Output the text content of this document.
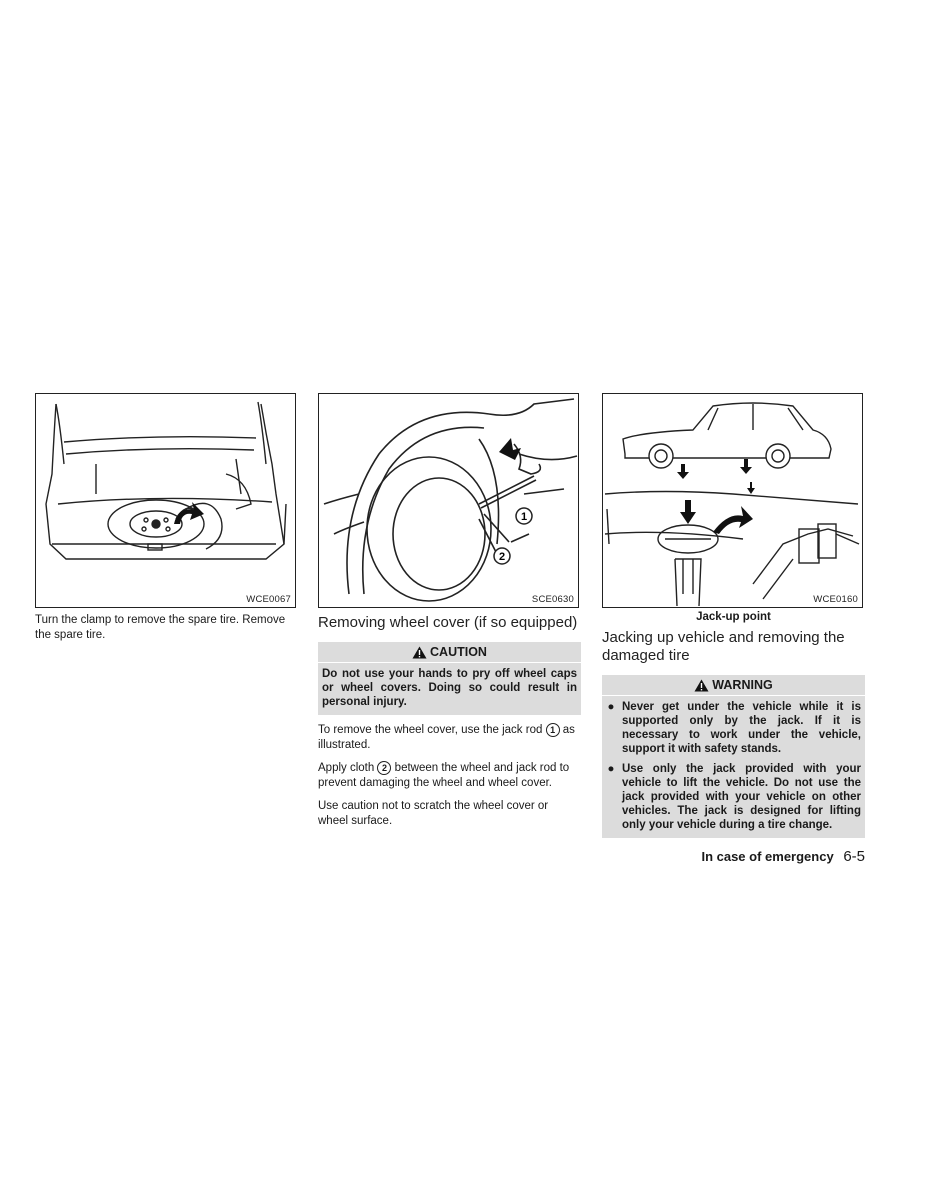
WCE0067
Turn the clamp to remove the spare tire. Remove the spare tire.
1
2
SCE0630
Removing wheel cover (if so equipped)
CAUTION
Do not use your hands to pry off wheel caps or wheel covers. Doing so could result in personal injury.
To remove the wheel cover, use the jack rod 1 as illustrated.
Apply cloth 2 between the wheel and jack rod to prevent damaging the wheel and wheel cover.
Use caution not to scratch the wheel cover or wheel surface.
WCE0160
Jack-up point
Jacking up vehicle and removing the damaged tire
WARNING
● Never get under the vehicle while it is supported only by the jack. If it is necessary to work under the vehicle, support it with safety stands.
● Use only the jack provided with your vehicle to lift the vehicle. Do not use the jack provided with your vehicle on other vehicles. The jack is designed for lifting only your vehicle during a tire change.
In case of emergency 6-5
